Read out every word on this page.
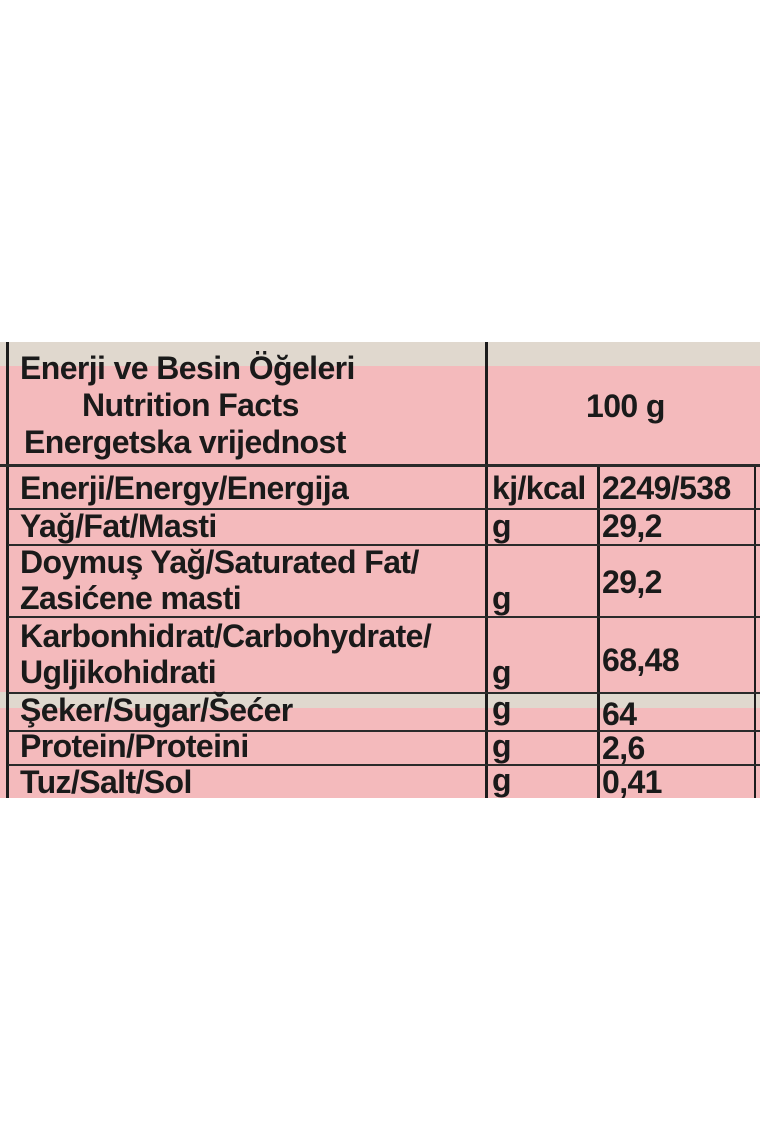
Enerji ve Besin Öğeleri
Nutrition Facts
Energetska vrijednost
100 g
Enerji/Energy/Energija	kj/kcal 2249/538
Yağ/Fat/Masti	g	29,2
Doymuş Yağ/Saturated Fat/
Zasićene masti	g	29,2
Karbonhidrat/Carbohydrate/
Ugljikohidrati	g	68,48
Şeker/Sugar/Šećer	g	64
Protein/Proteini	g	2,6
Tuz/Salt/Sol	g	0,41
